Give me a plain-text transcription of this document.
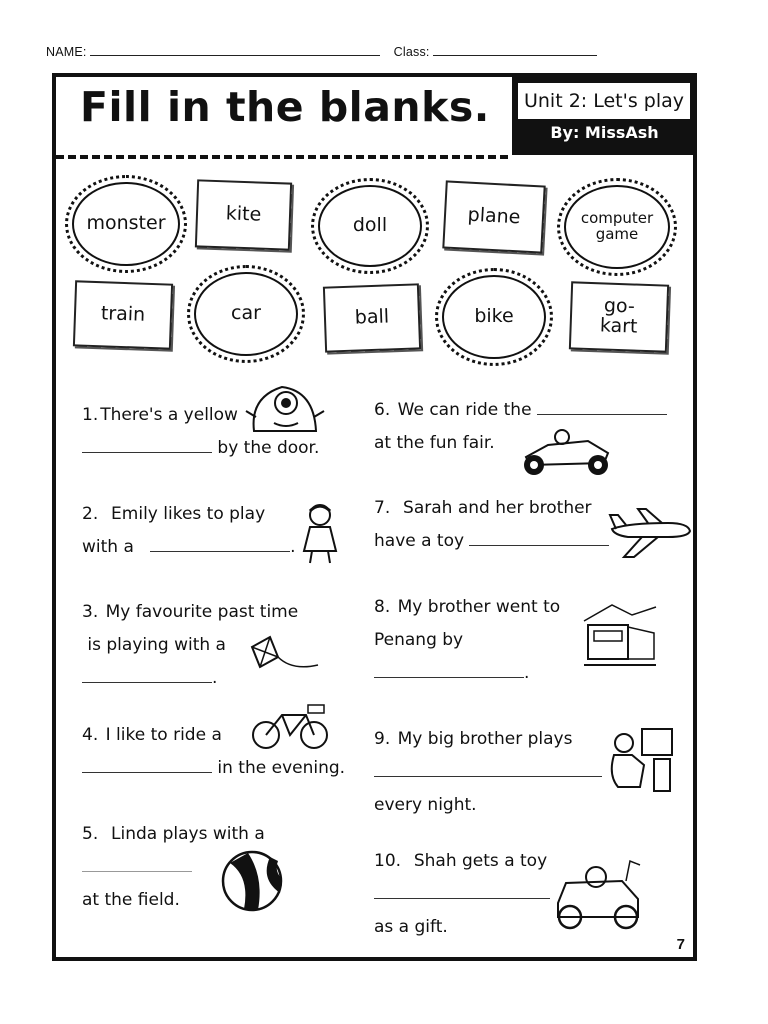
NAME:	Class:
Fill in the blanks.	Unit 2: Let's play
By: MissAsh
monster	kite	doll	plane	computer game
train	car	ball	bike	go-kart
1. There's a yellow
by the door.
2. Emily likes to play
with a	.
3. My favourite past time
is playing with a
.
4. I like to ride a
in the evening.
5. Linda plays with a

at the field.
6. We can ride the
at the fun fair.
7. Sarah and her brother
have a toy
8. My brother went to
Penang by
.
9. My big brother plays

every night.
10. Shah gets a toy

as a gift.
7
